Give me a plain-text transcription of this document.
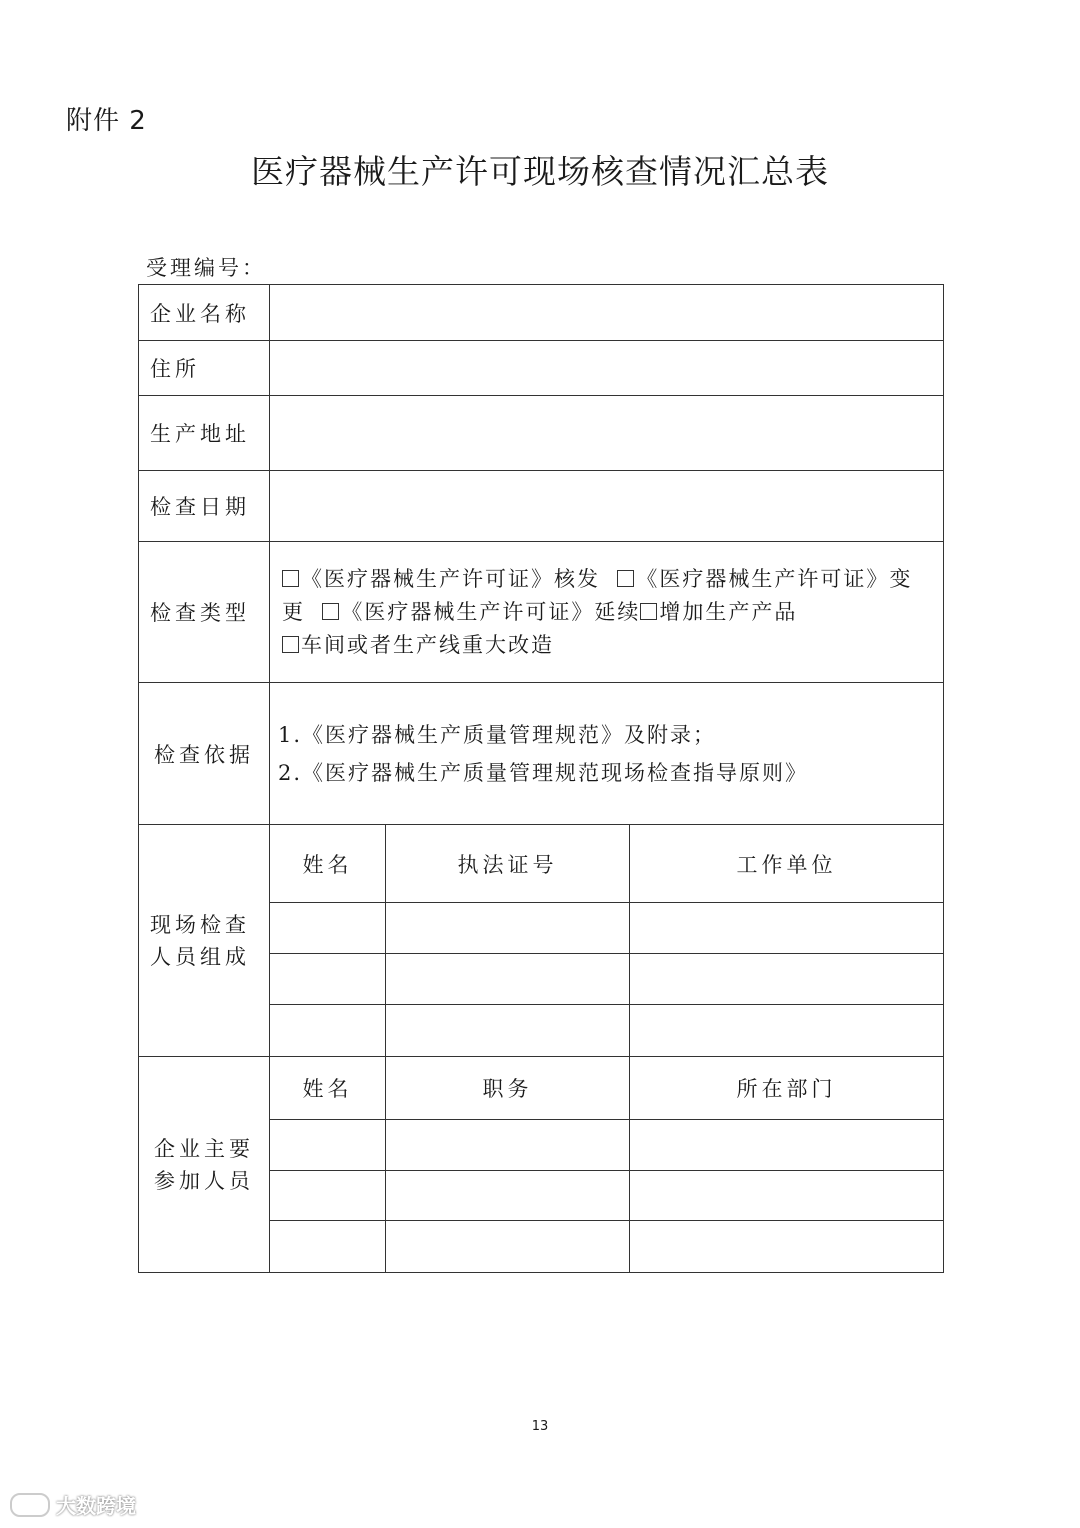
附件 2
医疗器械生产许可现场核查情况汇总表
受理编号：
企业名称			
住所			
生产地址			
检查日期			
检查类型	《医疗器械生产许可证》核发 《医疗器械生产许可证》变更 《医疗器械生产许可证》延续 增加生产产品
车间或者生产线重大改造		
检查依据	1.《医疗器械生产质量管理规范》及附录；
2.《医疗器械生产质量管理规范现场检查指导原则》		

现场检查人员组成	姓名	执法证号	工作单位

企业主要参加人员	姓名	职务	所在部门

13
大数跨境
